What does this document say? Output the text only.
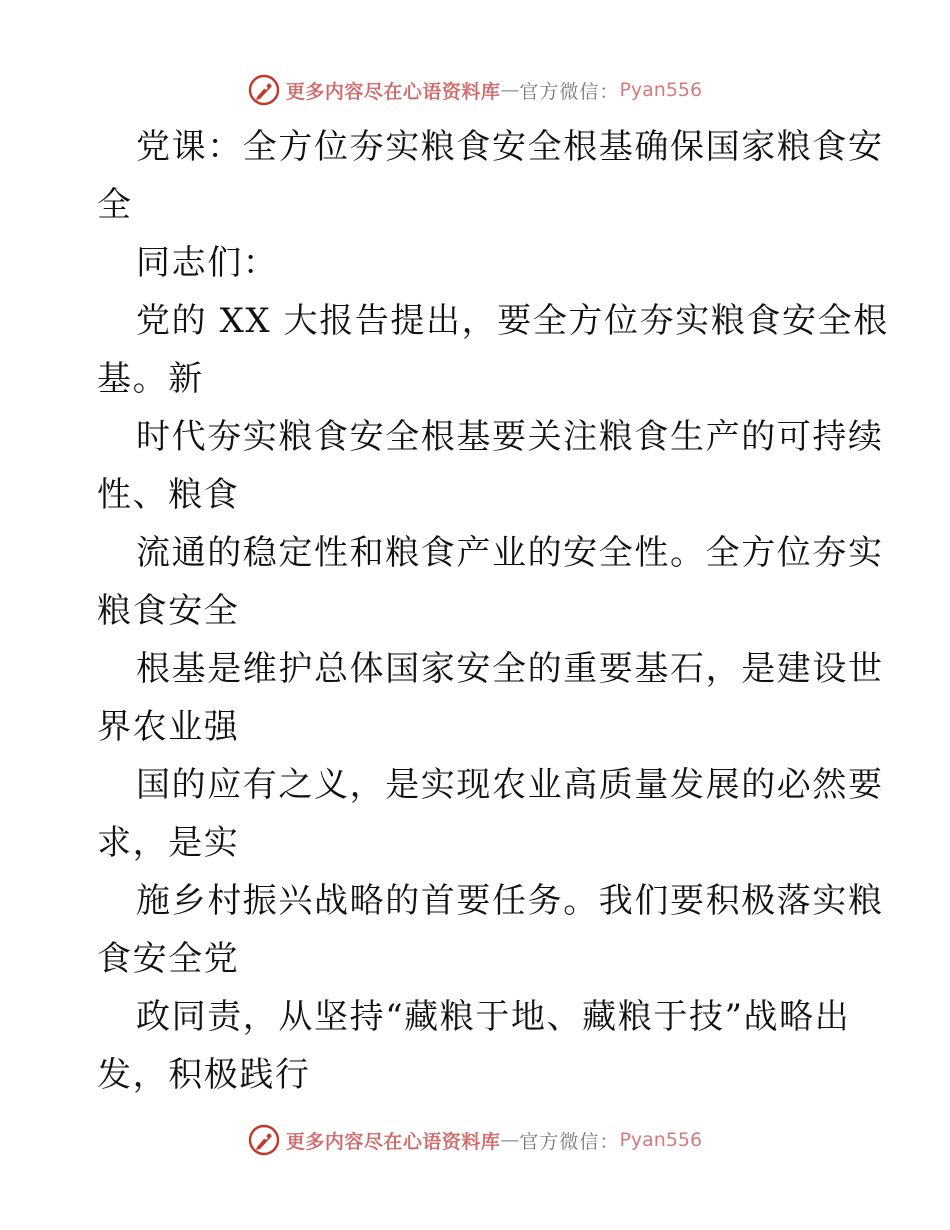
更多内容尽在心语资料库 — 官方微信： Pyan556
党课：全方位夯实粮食安全根基确保国家粮食安
全
同志们：
党的 XX 大报告提出，要全方位夯实粮食安全根
基。新
时代夯实粮食安全根基要关注粮食生产的可持续
性、粮食
流通的稳定性和粮食产业的安全性。全方位夯实
粮食安全
根基是维护总体国家安全的重要基石，是建设世
界农业强
国的应有之义，是实现农业高质量发展的必然要
求，是实
施乡村振兴战略的首要任务。我们要积极落实粮
食安全党
政同责，从坚持“藏粮于地、藏粮于技”战略出
发，积极践行
更多内容尽在心语资料库 — 官方微信： Pyan556
